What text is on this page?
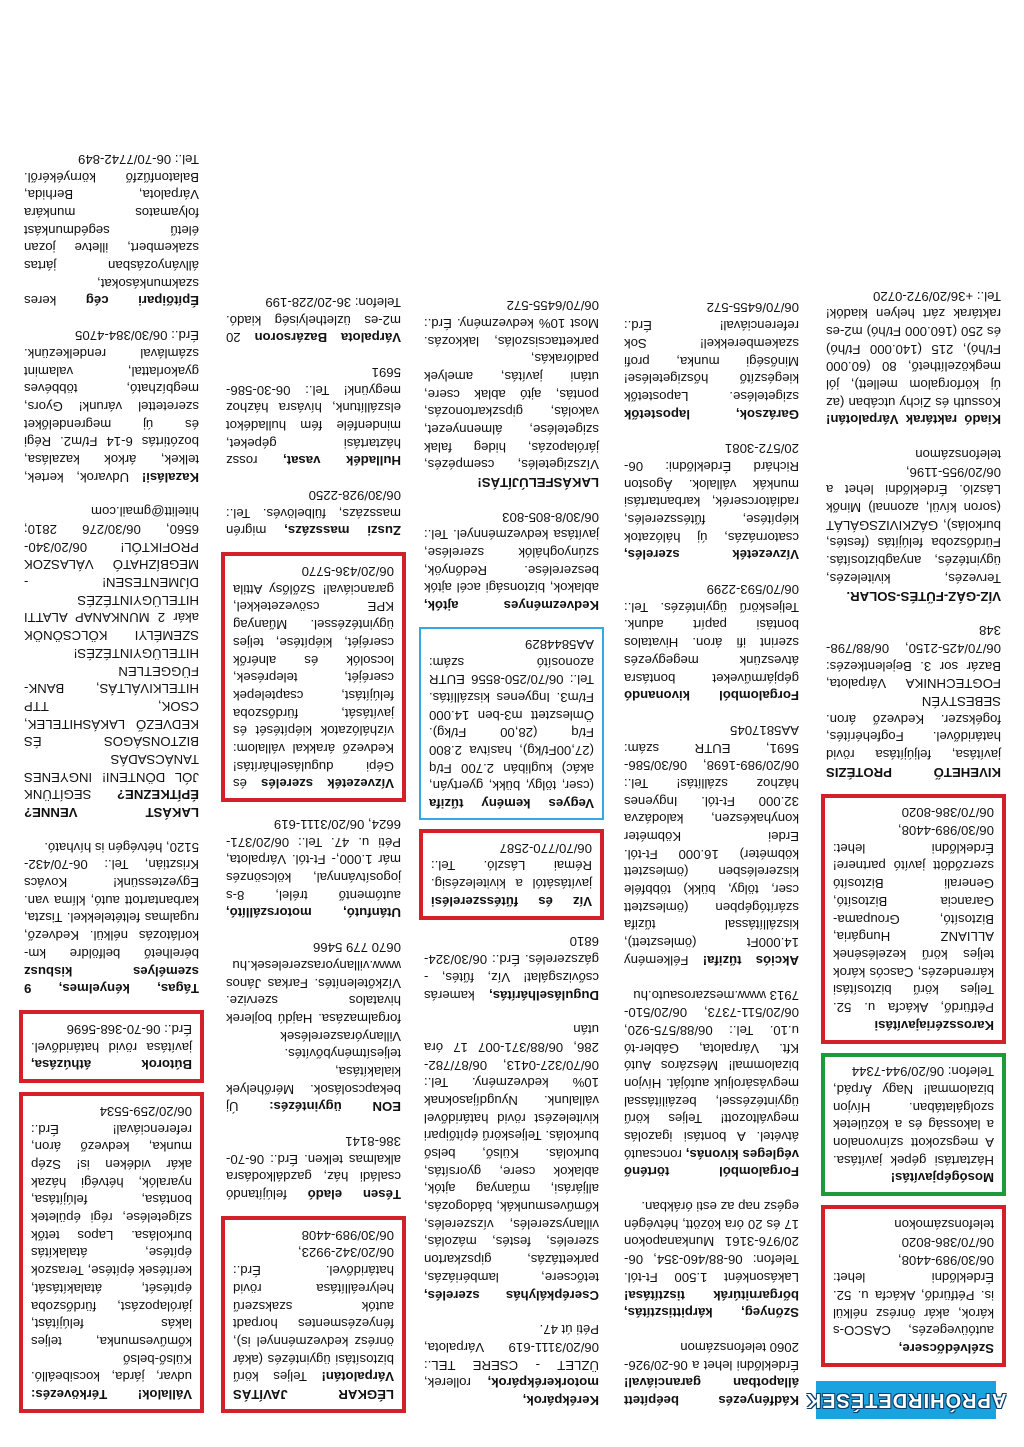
APRÓHIRDETÉSEK
Szélvédőcsere, autóüvegezés, CASCO-s károk, akár önrész nélkül is. Pétfürdő, Akácfa u. 52. Érdeklődni lehet: 06/30/989-4408, 06/70/386-8020 telefonszámokon
Mosógépjavítás! Háztartási gépek javítása. A megszokott színvonalon a lakosság és a közületek szolgálatában. Hívjon bizalommal! Nagy Árpád, Telefon: 06/20/944-7344
Karosszériajavítási Pétfürdő, Akácfa u. 52. Teljes körű biztosítási kárrendezés, Cascós károk teljes körű kezelésének ALLIANZ Hungária, Biztosító, Groupama-Garancia Biztosító, Generali Biztosító szerződött javító partnere! Érdeklődni lehet: 06/30/989-4408, 06/70/386-8020
KIVEHETŐ PROTÉZIS javítása, feljújítása rövid határidővel. Fogfehérítés, fogékszer. Kedvező áron. SEBESTYÉN FOGTECHNIKA Várpalota, Bazár sor 3. Bejelentkezés: 06/70/425-2150, 06/88/798-348
VÍZ-GÁZ-FŰTÉS-SOLAR. Tervezés, kivitelezés, ügyintézés, anyagbiztosítás. Fürdőszoba felújítás (festés, burkolás), GÁZKIVIZSGÁLÁT (soron kívül, azonnal) Minők László. Érdeklődni lehet a 06/20/955-1196, telefonszámon
Kiadó raktárak Várpalotán! Kossuth és Zichy utcában (az új körforgalom mellett), jól megközelíthető, 80 (60.000 Ft/hó), 215 (140.000 Ft/hó) és 250 (160.000 Ft/hó) m2-es raktárak zárt helyen kiadók! Tel.: +36/20/972-0720
Kádfényezés beépített állapotban garanciával! Érdeklődni lehet a 06-20/926-2060 telefonszámon
Szőnyeg, kárpittisztítás, bőrgarnitúrák tisztítása! Lakásonként 1.500 Ft-tól. Telefon: 06-88/460-354, 06-20/976-3161 Munkanapokon 17 és 20 óra között, hétvégén egész nap az esti órákban.
Forgalomból történő végleges kivonás, roncsautó átvétel. A bontási igazolás megváltozott! Teljes körű ügyintézéssel, bezáilítással megvásároljuk autóját. Hívjon bizalommal! Mészáros Autó Kft. Várpalota, Gábler-tó u.10. Tel.: 06/88/575-920, 06/20/511-7373, 06/20/510-7913 www.meszarosauto.hu
Akciós tűzifa! Félkemény 14.000Ft (ömlesztett), kiszállítással tűzifa szárítógépben (ömlesztett cser, tölgy, bükk) többféle kiszerelésben (ömlesztett köbméter) 16.000 Ft-tól. Erdei Köbméter konyhakészen, kalodázva 32.000 Ft-tól. Ingyenes házhoz szállítás! Tel.: 06/20/989-1698, 06/30/586-5691, EUTR szám: AA5817045
Forgalomból kivonandó gépjárműveket bontásra átveszünk megegyezés szerint ifi áron. Hivatalos bontási papírt adunk. Teljeskörű ügyintézés. Tel.: 06/70/593-2299
Vízvezeték szerelés, csatornázás, új hálózatok kiépítése, fűtésszerelés, radiátorcserék, karbantartási munkák vállalok. Ágoston Richárd Érdeklődni: 06-20/572-3081
Garázsok, lapostetők szigetelése. Lapostetők kiegészítő hőszigetelése! Minőségi munka, profi szakemberekkel! Sok referenciával! Érd.: 06/70/6455-572
Kerékpárok, motorkerékpárok, rollerek, ÜZLET - CSERE TEL.: 06/20/3111-619 Várpalota, Péti út 47.
Cserépkályhás szerelés, tetőcsere, lambériázás, parkettázás, gipszkarton szerelés, festés, mázolás, villanyszerelés, vízszerelés, kőművesmunkák, bádogozás, alljárási, műanyag ajtók, ablakok csere, gyorsítás, burkolás. Külső, belső burkolás. Teljeskörű építőipari kivitelezést rövid határidővel vállalunk. Nyugdíjasoknak 10% kedvezmény. Tel.: 06/70/327-0413, 06/87/782-286, 06/88/371-007 17 óra után
Duguláselhárítás, kamerás csővizsgálat! Víz, fűtés, - gázszerelés. Érd.: 06/30/324-6810
Víz és fűtésszerelési javításától a kivitelezésig. Rémai László. Tel.: 06/70/770-2587
Vegyes kemény tűzifa (cser, tölgy, bükk, gyertyán, akác) kuglibán 2.700 Ft/q (27,00Ft/kg), hasítva 2.800 Ft/q (28,00 Ft/kg). Ömlesztett m3-ben 14.000 Ft/m3. Ingyenes kiszállítás. Tel.: 06/70/250-8556 EUTR azonosító szám: AA5844829
Kedvezményes ajtók, ablakok, biztonsági acél ajtók beszerelése. Redőnyök, szúnyoghálók szerelése, javítása kedvezménnyel. Tel.: 06/30/8-805-803
LAKÁSFELÚJÍTÁS! Vízszigetelés, csempézés, járólapozás, hideg falak szigetelése, álmennyezet, vakolás, gipszkartonozás, pontás, ajtó ablak csere, utáni javítás, amelyek padlórakás, parkettacsiszolás, lakkozás. Most 10% kedvezmény. Érd.: 06/70/6455-572
LÉGKAR JAVÍTÁS Várpalotán! Teljes körű biztosítási ügyintézés (akár önrész kedvezménnyel is), fényezésmentes horpadt autók szakszerű helyreállítása rövid határidővel. Érd.: 06/20/342-9923, 06/30/989-4408
Tésen eladó felújítandó családi ház, gazdálkodásra alkalmas telken. Érd.: 06-70-386-8141
EON ügyintézés: Új bekapcsolások. Mérőhelyek kialakítása, teljesítménybővítés. Villanyóraszerelések forgalmazása. Hajdú bojlerek hivatalos szervize. Vízkőtelenítés. Farkas János www.villanyoraszerelesek.hu 0670 779 5466
Utánfutó, motorszállító, autómentő trélel, 8-s jogosítvánnyal, kölcsönzés már 1.000,- Ft-tól. Várpalota, Péti u. 47. Tel.: 06/20/371-6624, 06/20/3111-619
Vízvezeték szerelés és Gépi duguláselhárítás! Kedvező árakkal vállalom: vízhálózatok kiépítését és javítását, fürdőszoba felújítást, csaptelepek cseréjét, teleprések, locsolók és alnérők cseréjét, kiépítése, teljes ügyintézéssel. Műanyag KPE csövezetekkel, garanciával! Szőlősy Attila 06/20/436-5770
Zuszi masszázs, migrén masszázs, fülbelövés. Tel.: 06/30/928-2250
Hulladék vasat, rossz háztartási gépeket, mindenféle fém hulladékot elszállítunk, hívásra házhoz megyünk! Tel.: 06-30-586-5691
Várpalota Bazársoron 20 m2-es üzlethelyiség kiadó. Telefon: 36-20/228-199
Vállalok! Térkövezés: udvar, járda, kocsibeálló. Külső-belső kőművesmunka, teljes lakás felújítást, járólapozást, fürdőszoba építését, átalakítását, kerítések építése, Teraszok építése, átalakítás burkolása. Lapos tetők szigetelése, régi épületek bontása, felújítása, nyaralók, hétvégi házak akár vidéken is! Szép munka, kedvező áron, referenciával! Érd.: 06/20/259-5534
Bútorok áthúzása, javítása rövid határidővel. Érd.: 06-70-368-5696
Tágas, kényelmes, 9 személyes kisbusz bérelhető belföldre km-korlátozás nélkül. Kedvező, rugalmas feltételekkel. Tiszta, karbantartott autó, klíma van. Egyeztessünk! Kovács Krisztián, Tel.: 06-70/432-5120, hétvégén is hívható.
LAKÁST VENNE? ÉPÍTKEZNE? SEGÍTÜNK JÓL DÖNTENI! INGYENES TANÁCSADÁS BIZTONSÁGOS ÉS KEDVEZŐ LAKÁSHITELEK, CSOK, TTP HITELKIVÁLTÁS, BANK-FÜGGETLEN HITELÜGYINTÉZÉS! SZEMÉLYI KÖLCSÖNÖK akár 2 MUNKANAP ALATTI HITELÜGYINTÉZÉS DÍJMENTESEN! - MEGBÍZHATÓ VÁLASZOK PROFIKTÓL! 06/20/340-6560, 06/30/276 2810; hitelitt@gmail.com
Kazalási! Udvarok, kertek, telkek, árkok kazalása, bozótirtás 6-14 Ft/m2. Régi és új megrendelőket szeretettel várunk! Gyors, megbízható, többéves gyakorlattal, valamint számlával rendelkezünk. Érd.: 06/30/384-4705
Építőipari cég keres szakmunkásokat, állványozásban jártas szakembert, illetve jozan életű segédmunkást folyamatos munkára Várpalota, Berhida, Balatonfűzfő környékéről. Tel.: 06-70/7742-849
